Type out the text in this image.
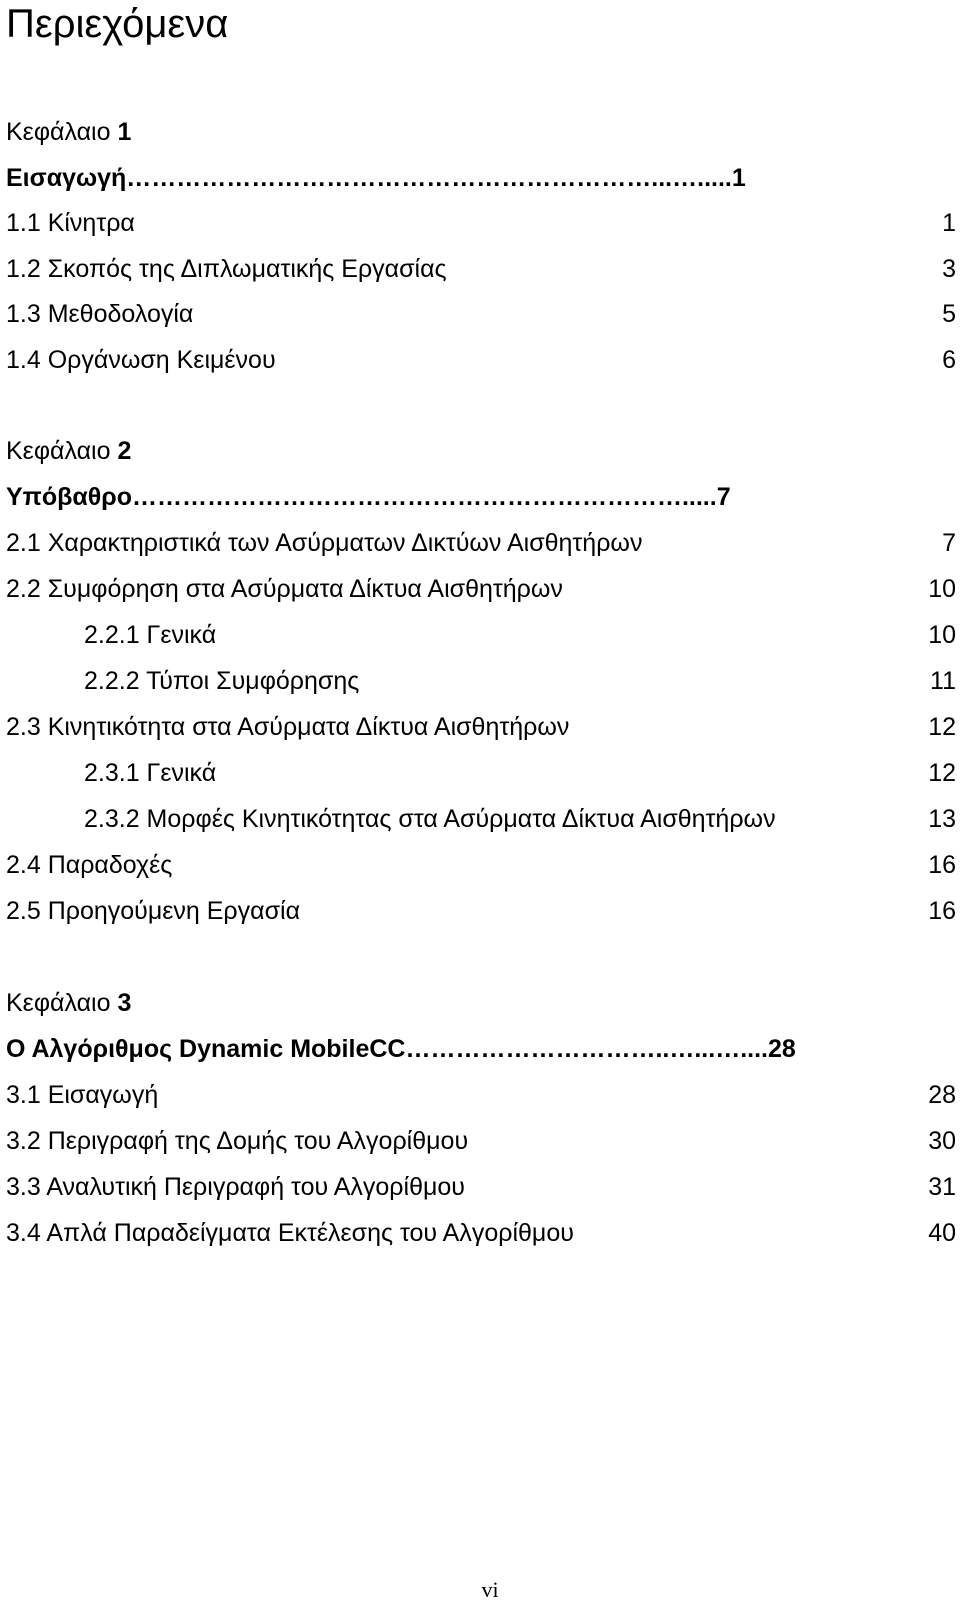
Περιεχόμενα
Κεφάλαιο 1
Εισαγωγή………………………………………………………...….....1
1.1 Κίνητρα	1
1.2 Σκοπός της Διπλωματικής Εργασίας	3
1.3 Μεθοδολογία	5
1.4 Οργάνωση Κειμένου	6
Κεφάλαιο 2
Υπόβαθρο………………………………………………………….....7
2.1 Χαρακτηριστικά των Ασύρματων Δικτύων Αισθητήρων	7
2.2 Συμφόρηση στα Ασύρματα Δίκτυα Αισθητήρων	10
2.2.1 Γενικά	10
2.2.2 Τύποι Συμφόρησης	11
2.3 Κινητικότητα στα Ασύρματα Δίκτυα Αισθητήρων	12
2.3.1 Γενικά	12
2.3.2 Μορφές Κινητικότητας στα Ασύρματα Δίκτυα Αισθητήρων	13
2.4 Παραδοχές	16
2.5 Προηγούμενη Εργασία	16
Κεφάλαιο 3
Ο Αλγόριθμος Dynamic MobileCC…………………………..…...…....28
3.1 Εισαγωγή	28
3.2 Περιγραφή της Δομής του Αλγορίθμου	30
3.3 Αναλυτική Περιγραφή του Αλγορίθμου	31
3.4 Απλά Παραδείγματα Εκτέλεσης του Αλγορίθμου	40
vi
